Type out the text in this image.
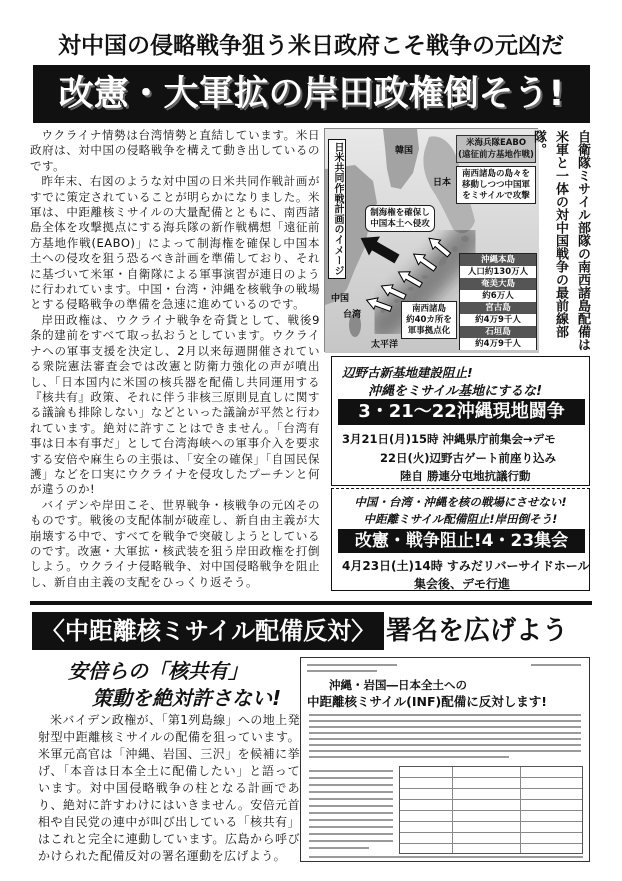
対中国の侵略戦争狙う米日政府こそ戦争の元凶だ
改憲・大軍拡の岸田政権倒そう!

ウクライナ情勢は台湾情勢と直結しています。米日政府は、対中国の侵略戦争を構えて動き出しているのです。

昨年末、右図のような対中国の日米共同作戦計画がすでに策定されていることが明らかになりました。米軍は、中距離核ミサイルの大量配備とともに、南西諸島全体を攻撃拠点にする海兵隊の新作戦構想「遠征前方基地作戦(EABO)」によって制海権を確保し中国本土への侵攻を狙う恐るべき計画を準備しており、それに基づいて米軍・自衛隊による軍事演習が連日のように行われています。中国・台湾・沖縄を核戦争の戦場とする侵略戦争の準備を急速に進めているのです。

岸田政権は、ウクライナ戦争を奇貨として、戦後9条的建前をすべて取っ払おうとしています。ウクライナへの軍事支援を決定し、2月以来毎週開催されている衆院憲法審査会では改憲と防衛力強化の声が噴出し、「日本国内に米国の核兵器を配備し共同運用する『核共有』政策、それに伴う非核三原則見直しに関する議論も排除しない」などといった議論が平然と行われています。絶対に許すことはできません。「台湾有事は日本有事だ」として台湾海峡への軍事介入を要求する安倍や麻生らの主張は、「安全の確保」「自国民保護」などを口実にウクライナを侵攻したプーチンと何が違うのか!

バイデンや岸田こそ、世界戦争・核戦争の元凶そのものです。戦後の支配体制が破産し、新自由主義が大崩壊する中で、すべてを戦争で突破しようとしているのです。改憲・大軍拡・核武装を狙う岸田政権を打倒しよう。ウクライナ侵略戦争、対中国侵略戦争を阻止し、新自由主義の支配をひっくり返そう。

日米共同作戦計画のイメージ	韓国
日本
中国
台湾
太平洋
米海兵隊EABO
(遠征前方基地作戦)
南西諸島の島々を
移動しつつ中国軍
をミサイルで攻撃
制海権を確保し
中国本土へ侵攻
南西諸島
約40カ所を
軍事拠点化
沖縄本島
人口約130万人
奄美大島
約6万人
宮古島
約4万9千人
石垣島
約4万9千人	自衛隊ミサイル部隊の南西諸島配備は米軍と一体の対中国戦争の最前線部隊。
辺野古新基地建設阻止!
沖縄をミサイル基地にするな!
3・21〜22沖縄現地闘争
3月21日(月)15時 沖縄県庁前集会→デモ
22日(火)辺野古ゲート前座り込み
陸自 勝連分屯地抗議行動
中国・台湾・沖縄を核の戦場にさせない!
中距離ミサイル配備阻止!岸田倒そう!
改憲・戦争阻止!4・23集会
4月23日(土)14時 すみだリバーサイドホール
集会後、デモ行進
〈中距離核ミサイル配備反対〉 署名を広げよう
安倍らの「核共有」
策動を絶対許さない!
米バイデン政権が、「第1列島線」への地上発射型中距離核ミサイルの配備を狙っています。米軍元高官は「沖縄、岩国、三沢」を候補に挙げ、「本音は日本全土に配備したい」と語っています。対中国侵略戦争の柱となる計画であり、絶対に許すわけにはいきません。安倍元首相や自民党の連中が叫び出している「核共有」はこれと完全に連動しています。広島から呼びかけられた配備反対の署名運動を広げよう。
沖縄・岩国―日本全土への
中距離核ミサイル(INF)配備に反対します!
